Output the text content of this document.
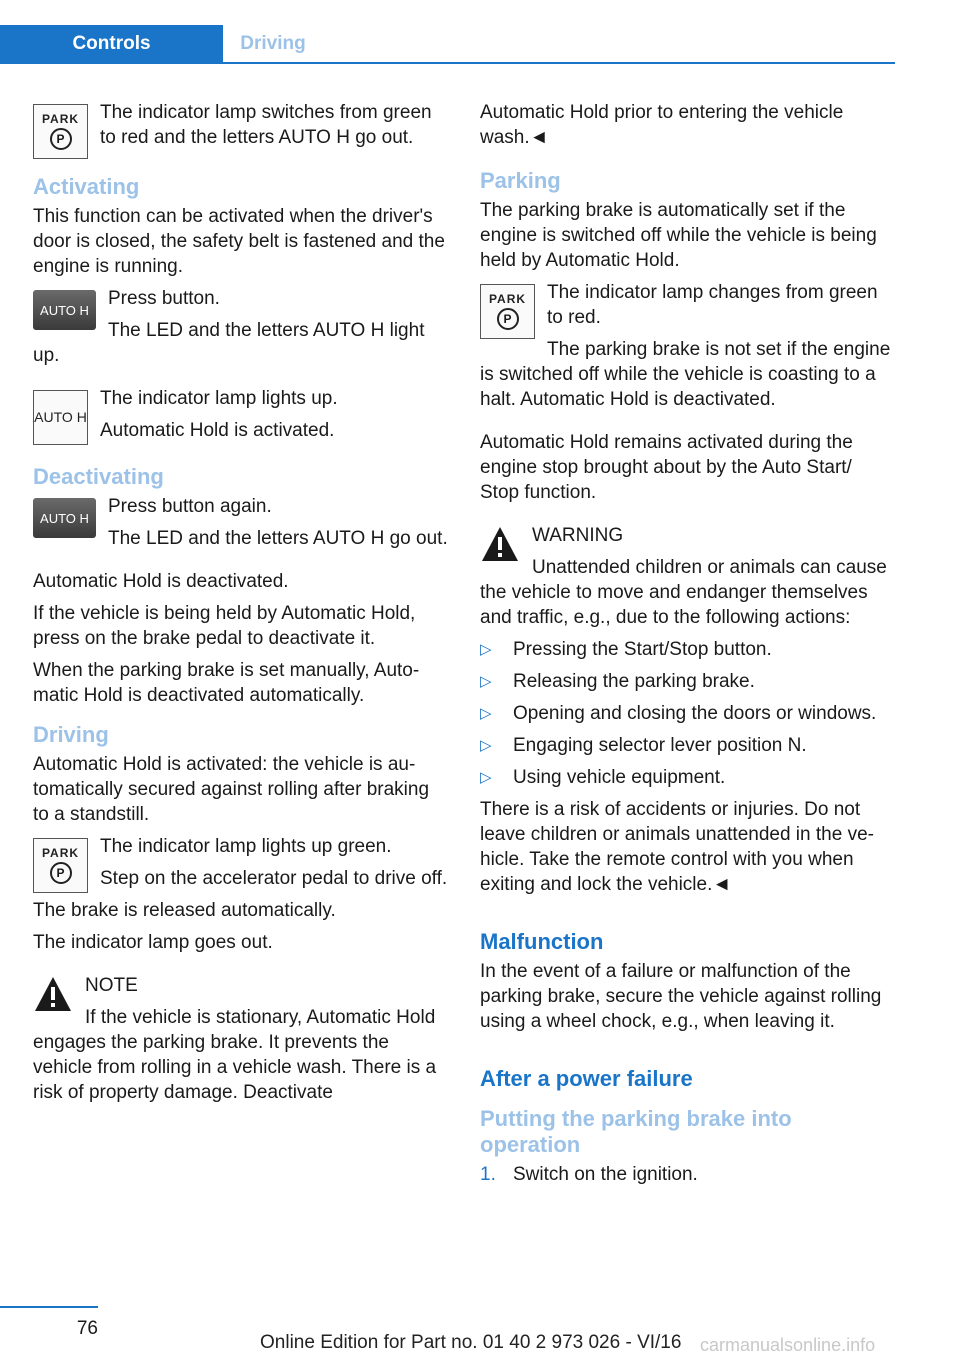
Controls	Driving
PARK
P

The indicator lamp switches from green to red and the letters AUTO H go out.

Activating

This function can be activated when the driver's door is closed, the safety belt is fastened and the engine is running.

AUTO H

Press button.

The LED and the letters AUTO H light up.

AUTO H

The indicator lamp lights up.

Automatic Hold is activated.

Deactivating
AUTO H

Press button again.

The LED and the letters AUTO H go out.

Automatic Hold is deactivated.

If the vehicle is being held by Automatic Hold, press on the brake pedal to deactivate it.

When the parking brake is set manually, Automatic Hold is deactivated automatically.

Driving

Automatic Hold is activated: the vehicle is automatically secured against rolling after braking to a standstill.

PARK
P

The indicator lamp lights up green.

Step on the accelerator pedal to drive off.

The brake is released automatically.

The indicator lamp goes out.

NOTE

If the vehicle is stationary, Automatic Hold engages the parking brake. It prevents the vehicle from rolling in a vehicle wash. There is a risk of property damage. Deactivate

Automatic Hold prior to entering the vehicle wash.◄

Parking

The parking brake is automatically set if the engine is switched off while the vehicle is being held by Automatic Hold.

PARK
P

The indicator lamp changes from green to red.

The parking brake is not set if the engine is switched off while the vehicle is coasting to a halt. Automatic Hold is deactivated.

Automatic Hold remains activated during the engine stop brought about by the Auto Start/ Stop function.

WARNING

Unattended children or animals can cause the vehicle to move and endanger themselves and traffic, e.g., due to the following actions:

▷ Pressing the Start/Stop button.
▷ Releasing the parking brake.
▷ Opening and closing the doors or windows.
▷ Engaging selector lever position N.
▷ Using vehicle equipment.

There is a risk of accidents or injuries. Do not leave children or animals unattended in the vehicle. Take the remote control with you when exiting and lock the vehicle.◄

Malfunction

In the event of a failure or malfunction of the parking brake, secure the vehicle against rolling using a wheel chock, e.g., when leaving it.

After a power failure
Putting the parking brake into operation
1. Switch on the ignition.
76
Online Edition for Part no. 01 40 2 973 026 - VI/16 carmanualsonline.info
